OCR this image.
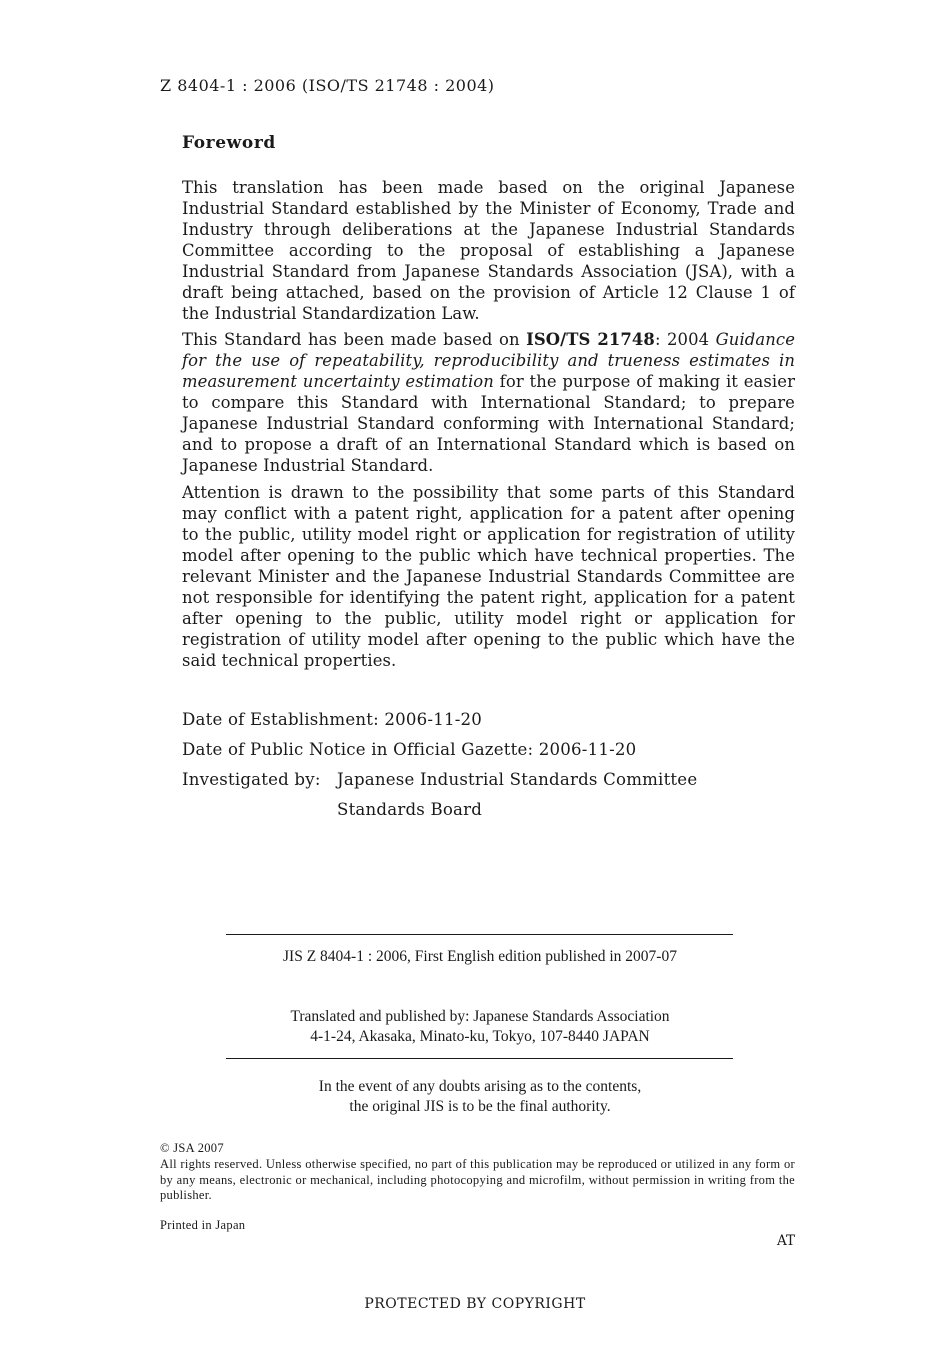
Z 8404-1 : 2006 (ISO/TS 21748 : 2004)
Foreword
This translation has been made based on the original Japanese Industrial Standard established by the Minister of Economy, Trade and Industry through deliberations at the Japanese Industrial Standards Committee according to the proposal of establishing a Japanese Industrial Standard from Japanese Standards Association (JSA), with a draft being attached, based on the provision of Article 12 Clause 1 of the Industrial Standardization Law.
This Standard has been made based on ISO/TS 21748: 2004 Guidance for the use of repeatability, reproducibility and trueness estimates in measurement uncertainty estimation for the purpose of making it easier to compare this Standard with International Standard; to prepare Japanese Industrial Standard conforming with International Standard; and to propose a draft of an International Standard which is based on Japanese Industrial Standard.
Attention is drawn to the possibility that some parts of this Standard may conflict with a patent right, application for a patent after opening to the public, utility model right or application for registration of utility model after opening to the public which have technical properties. The relevant Minister and the Japanese Industrial Standards Committee are not responsible for identifying the patent right, application for a patent after opening to the public, utility model right or application for registration of utility model after opening to the public which have the said technical properties.
Date of Establishment: 2006-11-20
Date of Public Notice in Official Gazette: 2006-11-20
Investigated by: Japanese Industrial Standards Committee
Standards Board
JIS Z 8404-1 : 2006, First English edition published in 2007-07
Translated and published by: Japanese Standards Association
4-1-24, Akasaka, Minato-ku, Tokyo, 107-8440 JAPAN
In the event of any doubts arising as to the contents,
the original JIS is to be the final authority.
© JSA 2007
All rights reserved. Unless otherwise specified, no part of this publication may be reproduced or utilized in any form or by any means, electronic or mechanical, including photocopying and microfilm, without permission in writing from the publisher.
Printed in Japan
AT
PROTECTED BY COPYRIGHT
